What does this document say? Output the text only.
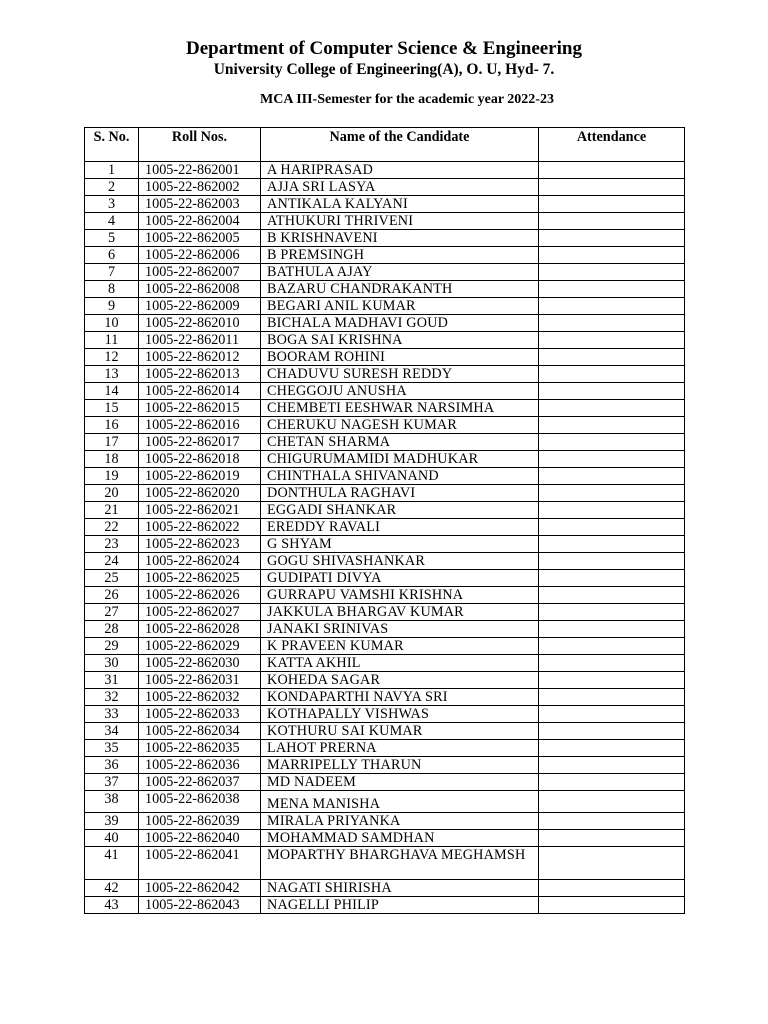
Department of Computer Science & Engineering
University College of Engineering(A), O. U, Hyd- 7.
MCA III-Semester for the academic year 2022-23
S. No.	Roll Nos.	Name of the Candidate	Attendance
1	1005-22-862001	A HARIPRASAD	
2	1005-22-862002	AJJA SRI LASYA	
3	1005-22-862003	ANTIKALA KALYANI	
4	1005-22-862004	ATHUKURI THRIVENI	
5	1005-22-862005	B KRISHNAVENI	
6	1005-22-862006	B PREMSINGH	
7	1005-22-862007	BATHULA AJAY	
8	1005-22-862008	BAZARU CHANDRAKANTH	
9	1005-22-862009	BEGARI ANIL KUMAR	
10	1005-22-862010	BICHALA MADHAVI GOUD	
11	1005-22-862011	BOGA SAI KRISHNA	
12	1005-22-862012	BOORAM ROHINI	
13	1005-22-862013	CHADUVU SURESH REDDY	
14	1005-22-862014	CHEGGOJU ANUSHA	
15	1005-22-862015	CHEMBETI EESHWAR NARSIMHA	
16	1005-22-862016	CHERUKU NAGESH KUMAR	
17	1005-22-862017	CHETAN SHARMA	
18	1005-22-862018	CHIGURUMAMIDI MADHUKAR	
19	1005-22-862019	CHINTHALA SHIVANAND	
20	1005-22-862020	DONTHULA RAGHAVI	
21	1005-22-862021	EGGADI SHANKAR	
22	1005-22-862022	EREDDY RAVALI	
23	1005-22-862023	G SHYAM	
24	1005-22-862024	GOGU SHIVASHANKAR	
25	1005-22-862025	GUDIPATI DIVYA	
26	1005-22-862026	GURRAPU VAMSHI KRISHNA	
27	1005-22-862027	JAKKULA BHARGAV KUMAR	
28	1005-22-862028	JANAKI SRINIVAS	
29	1005-22-862029	K PRAVEEN KUMAR	
30	1005-22-862030	KATTA AKHIL	
31	1005-22-862031	KOHEDA SAGAR	
32	1005-22-862032	KONDAPARTHI NAVYA SRI	
33	1005-22-862033	KOTHAPALLY VISHWAS	
34	1005-22-862034	KOTHURU SAI KUMAR	
35	1005-22-862035	LAHOT PRERNA	
36	1005-22-862036	MARRIPELLY THARUN	
37	1005-22-862037	MD NADEEM	
38	1005-22-862038	MENA MANISHA	
39	1005-22-862039	MIRALA PRIYANKA	
40	1005-22-862040	MOHAMMAD SAMDHAN	
41	1005-22-862041	MOPARTHY BHARGHAVA MEGHAMSH	
42	1005-22-862042	NAGATI SHIRISHA	
43	1005-22-862043	NAGELLI PHILIP	
